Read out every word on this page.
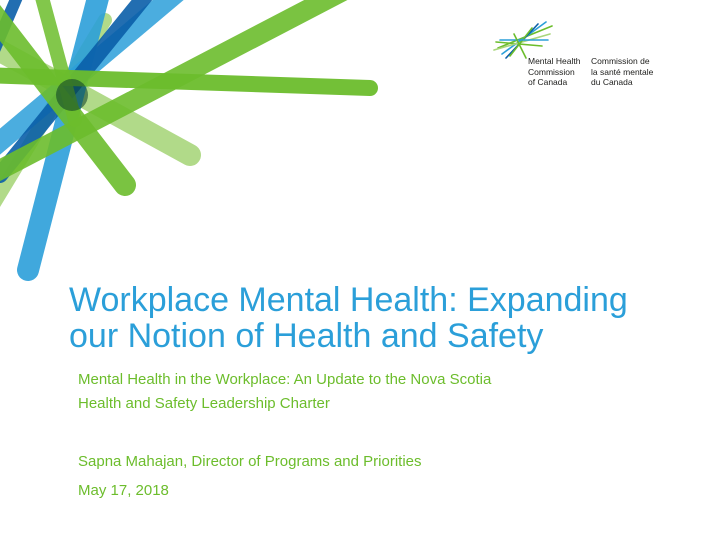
Mental Health
Commission
of Canada
Commission de
la santé mentale
du Canada
Workplace Mental Health: Expanding
our Notion of Health and Safety
Mental Health in the Workplace: An Update to the Nova Scotia
Health and Safety Leadership Charter
Sapna Mahajan, Director of Programs and Priorities
May 17, 2018
